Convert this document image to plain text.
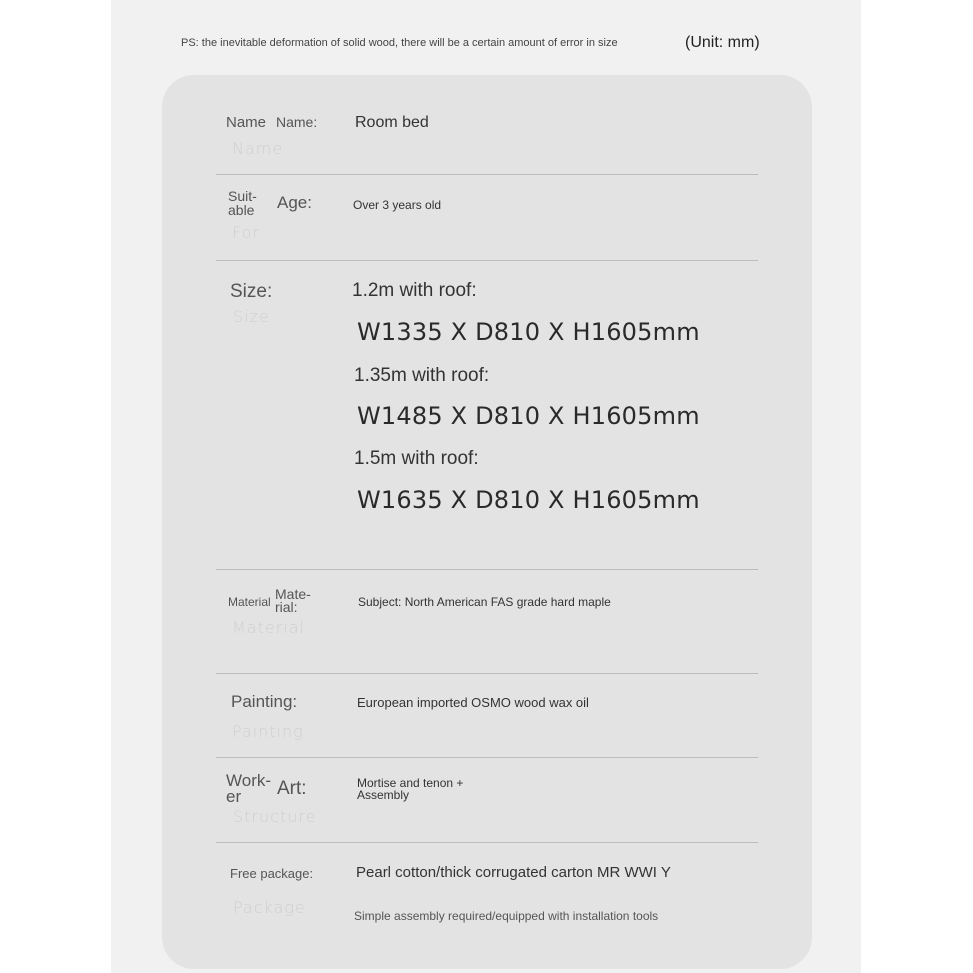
PS: the inevitable deformation of solid wood, there will be a certain amount of error in size	(Unit: mm)
Name Name:
Name
Room bed
Suit-
able Age:
For
Over 3 years old
Size:
Size
1.2m with roof:
W1335 X D810 X H1605mm
1.35m with roof:
W1485 X D810 X H1605mm
1.5m with roof:
W1635 X D810 X H1605mm
Material Mate-
rial:
Material
Subject: North American FAS grade hard maple
Painting:
Painting
European imported OSMO wood wax oil
Work-
er Art:
Structure
Mortise and tenon +
Assembly
Free package:
Package
Pearl cotton/thick corrugated carton MR WWI Y
Simple assembly required/equipped with installation tools
